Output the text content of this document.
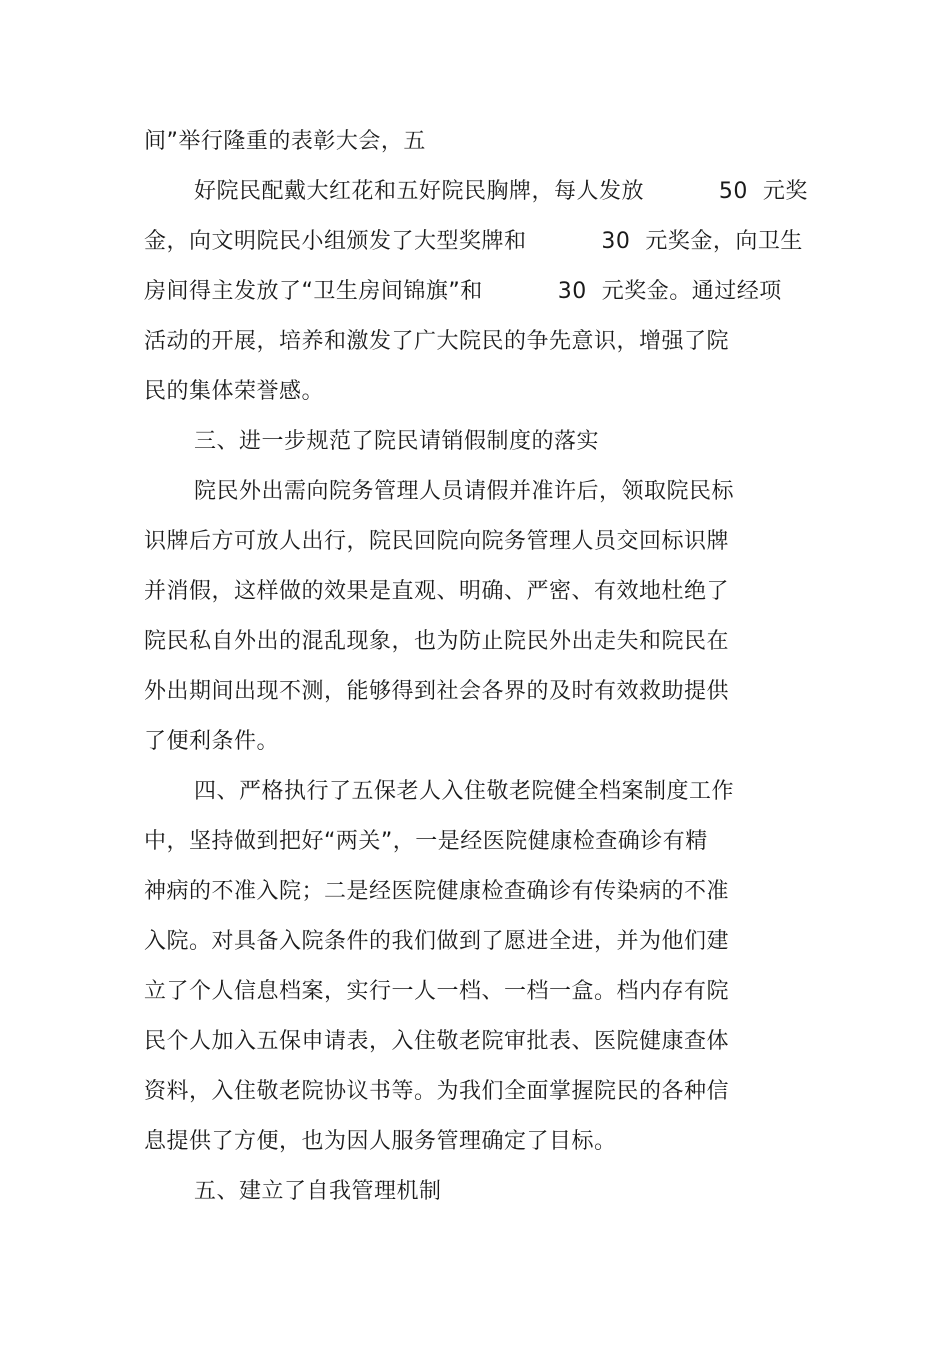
间”举行隆重的表彰大会，五
好院民配戴大红花和五好院民胸牌，每人发放          50  元奖
金，向文明院民小组颁发了大型奖牌和          30  元奖金，向卫生
房间得主发放了“卫生房间锦旗”和          30  元奖金。通过经项
活动的开展，培养和激发了广大院民的争先意识，增强了院
民的集体荣誉感。
三、进一步规范了院民请销假制度的落实
院民外出需向院务管理人员请假并准许后，领取院民标
识牌后方可放人出行，院民回院向院务管理人员交回标识牌
并消假，这样做的效果是直观、明确、严密、有效地杜绝了
院民私自外出的混乱现象，也为防止院民外出走失和院民在
外出期间出现不测，能够得到社会各界的及时有效救助提供
了便利条件。
四、严格执行了五保老人入住敬老院健全档案制度工作
中，坚持做到把好“两关”，一是经医院健康检查确诊有精
神病的不准入院；二是经医院健康检查确诊有传染病的不准
入院。对具备入院条件的我们做到了愿进全进，并为他们建
立了个人信息档案，实行一人一档、一档一盒。档内存有院
民个人加入五保申请表，入住敬老院审批表、医院健康查体
资料，入住敬老院协议书等。为我们全面掌握院民的各种信
息提供了方便，也为因人服务管理确定了目标。
五、建立了自我管理机制
